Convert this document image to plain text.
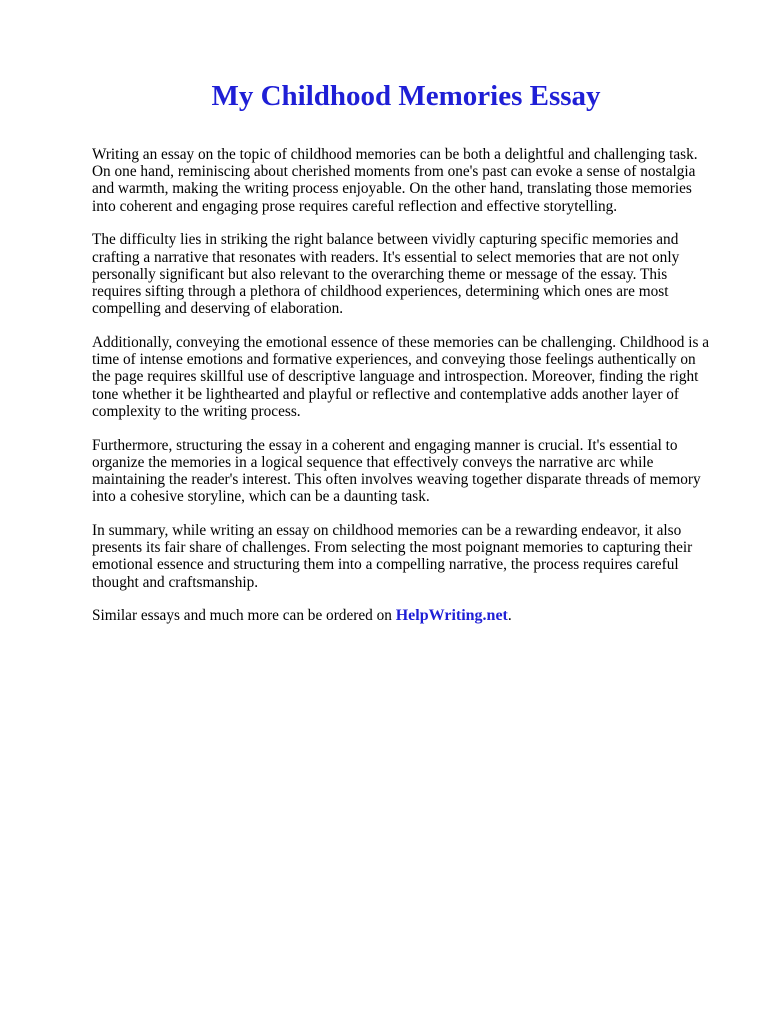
My Childhood Memories Essay

Writing an essay on the topic of childhood memories can be both a delightful and challenging task.
On one hand, reminiscing about cherished moments from one's past can evoke a sense of nostalgia
and warmth, making the writing process enjoyable. On the other hand, translating those memories
into coherent and engaging prose requires careful reflection and effective storytelling.

The difficulty lies in striking the right balance between vividly capturing specific memories and
crafting a narrative that resonates with readers. It's essential to select memories that are not only
personally significant but also relevant to the overarching theme or message of the essay. This
requires sifting through a plethora of childhood experiences, determining which ones are most
compelling and deserving of elaboration.

Additionally, conveying the emotional essence of these memories can be challenging. Childhood is a
time of intense emotions and formative experiences, and conveying those feelings authentically on
the page requires skillful use of descriptive language and introspection. Moreover, finding the right
tone whether it be lighthearted and playful or reflective and contemplative adds another layer of
complexity to the writing process.

Furthermore, structuring the essay in a coherent and engaging manner is crucial. It's essential to
organize the memories in a logical sequence that effectively conveys the narrative arc while
maintaining the reader's interest. This often involves weaving together disparate threads of memory
into a cohesive storyline, which can be a daunting task.

In summary, while writing an essay on childhood memories can be a rewarding endeavor, it also
presents its fair share of challenges. From selecting the most poignant memories to capturing their
emotional essence and structuring them into a compelling narrative, the process requires careful
thought and craftsmanship.

Similar essays and much more can be ordered on HelpWriting.net.
